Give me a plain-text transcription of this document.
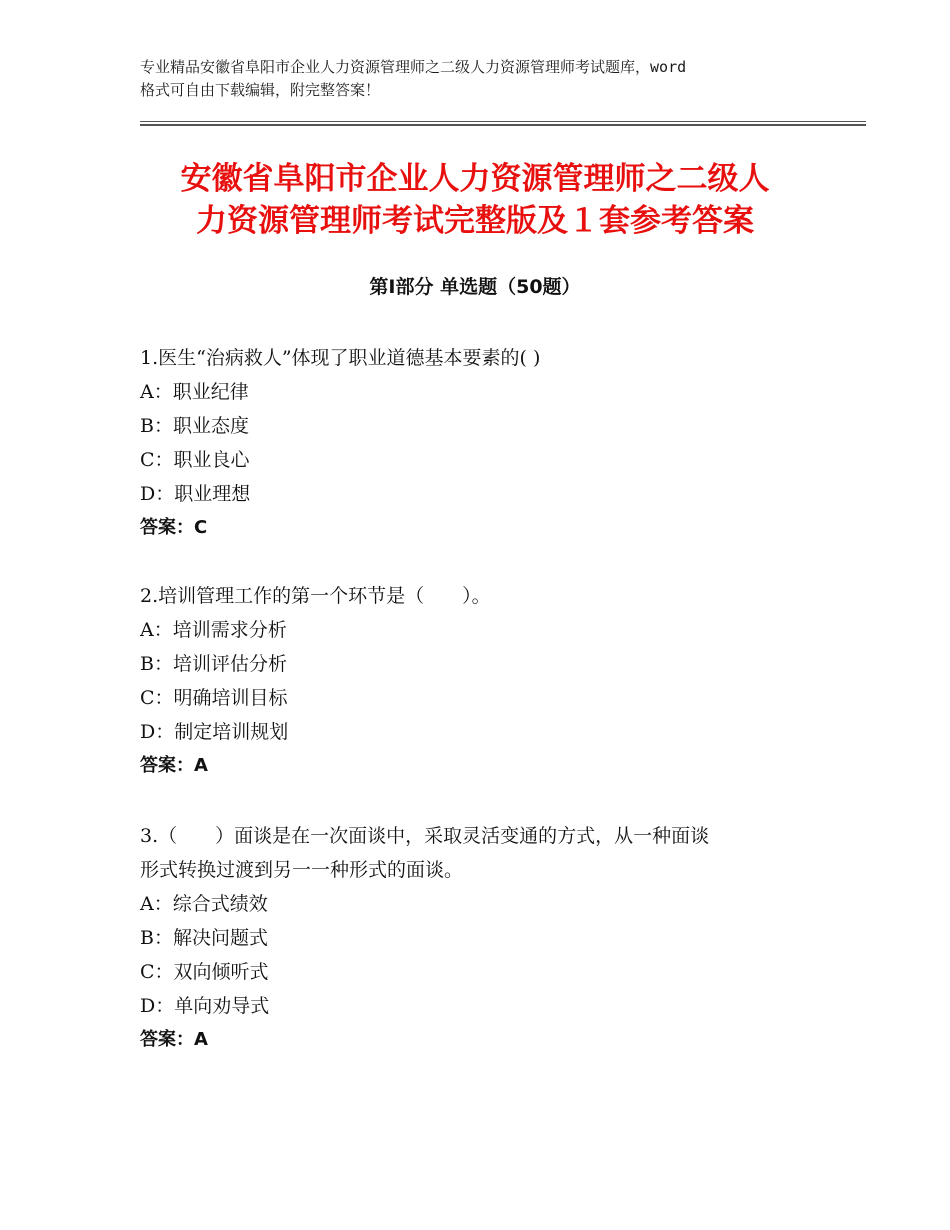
专业精品安徽省阜阳市企业人力资源管理师之二级人力资源管理师考试题库，word
格式可自由下载编辑，附完整答案！
安徽省阜阳市企业人力资源管理师之二级人
力资源管理师考试完整版及１套参考答案
第Ⅰ部分 单选题（50题）
1.医生“治病救人”体现了职业道德基本要素的( )
A：职业纪律
B：职业态度
C：职业良心
D：职业理想
答案：C
2.培训管理工作的第一个环节是（　　）。
A：培训需求分析
B：培训评估分析
C：明确培训目标
D：制定培训规划
答案：A
3.（　　）面谈是在一次面谈中，采取灵活变通的方式，从一种面谈
形式转换过渡到另一一种形式的面谈。
A：综合式绩效
B：解决问题式
C：双向倾听式
D：单向劝导式
答案：A
